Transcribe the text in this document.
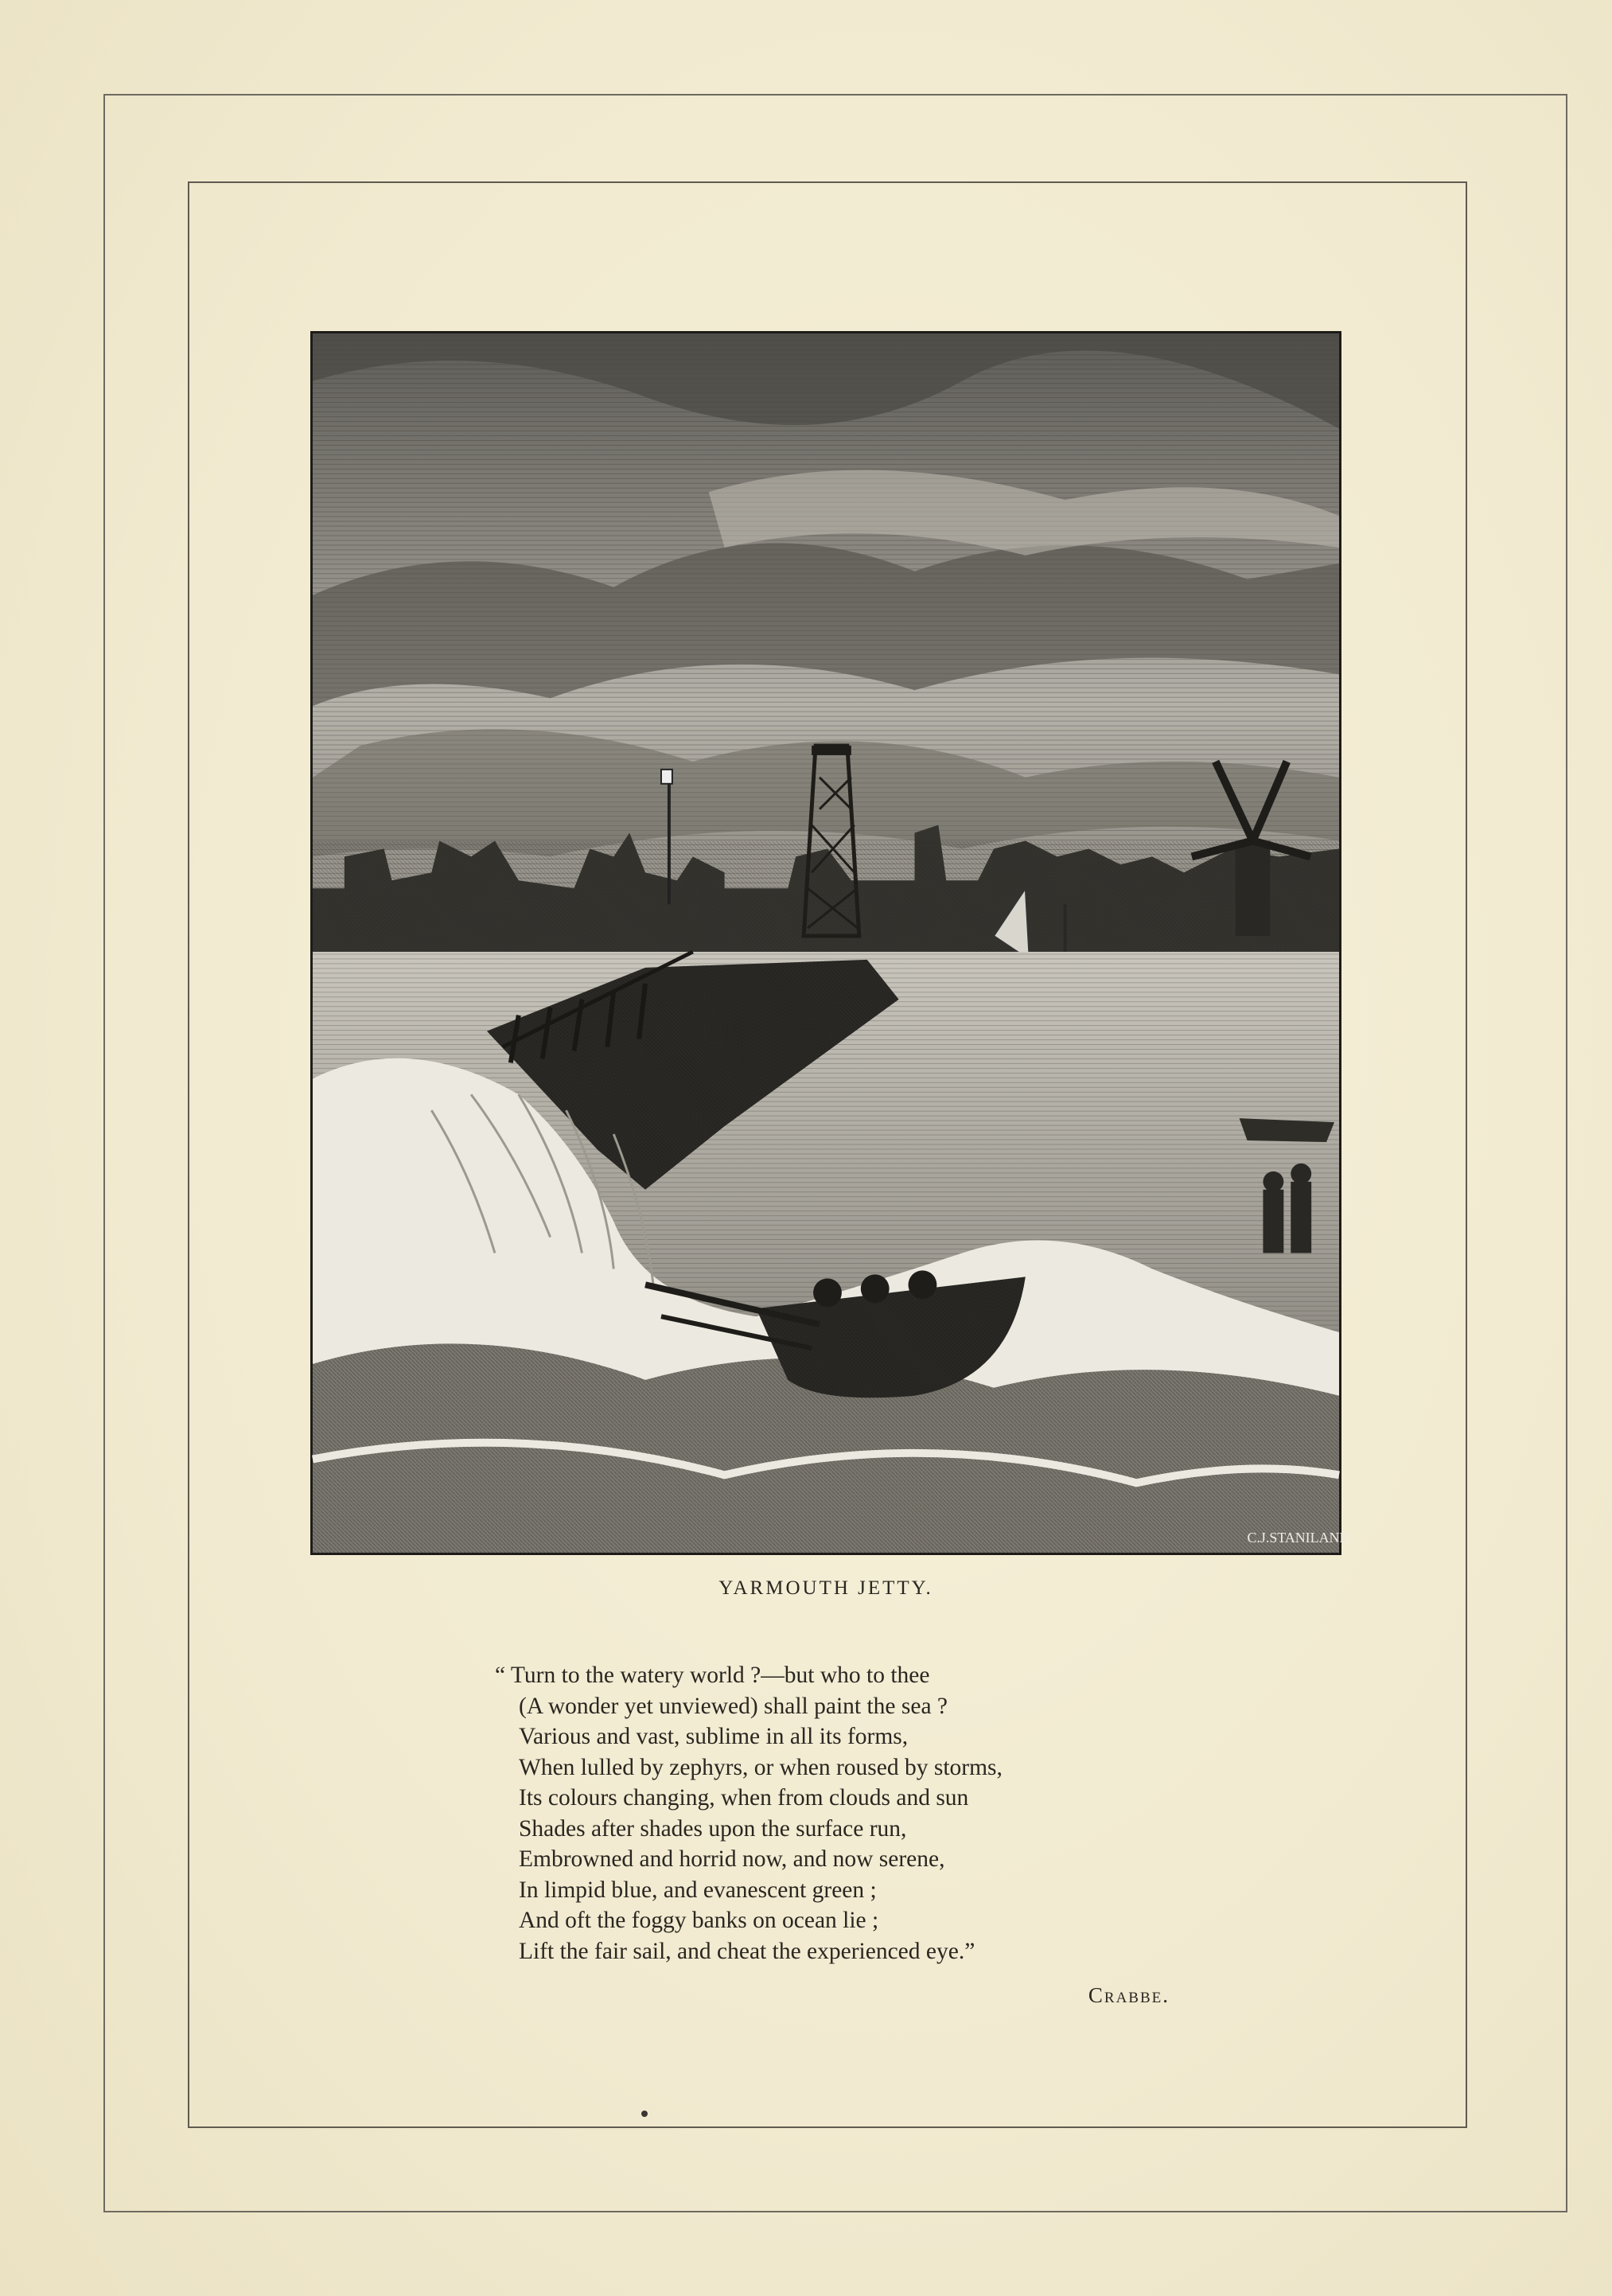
C.J.STANILAND
YARMOUTH JETTY.
“ Turn to the watery world ?—but who to thee
(A wonder yet unviewed) shall paint the sea ?
Various and vast, sublime in all its forms,
When lulled by zephyrs, or when roused by storms,
Its colours changing, when from clouds and sun
Shades after shades upon the surface run,
Embrowned and horrid now, and now serene,
In limpid blue, and evanescent green ;
And oft the foggy banks on ocean lie ;
Lift the fair sail, and cheat the experienced eye.”
Crabbe.
